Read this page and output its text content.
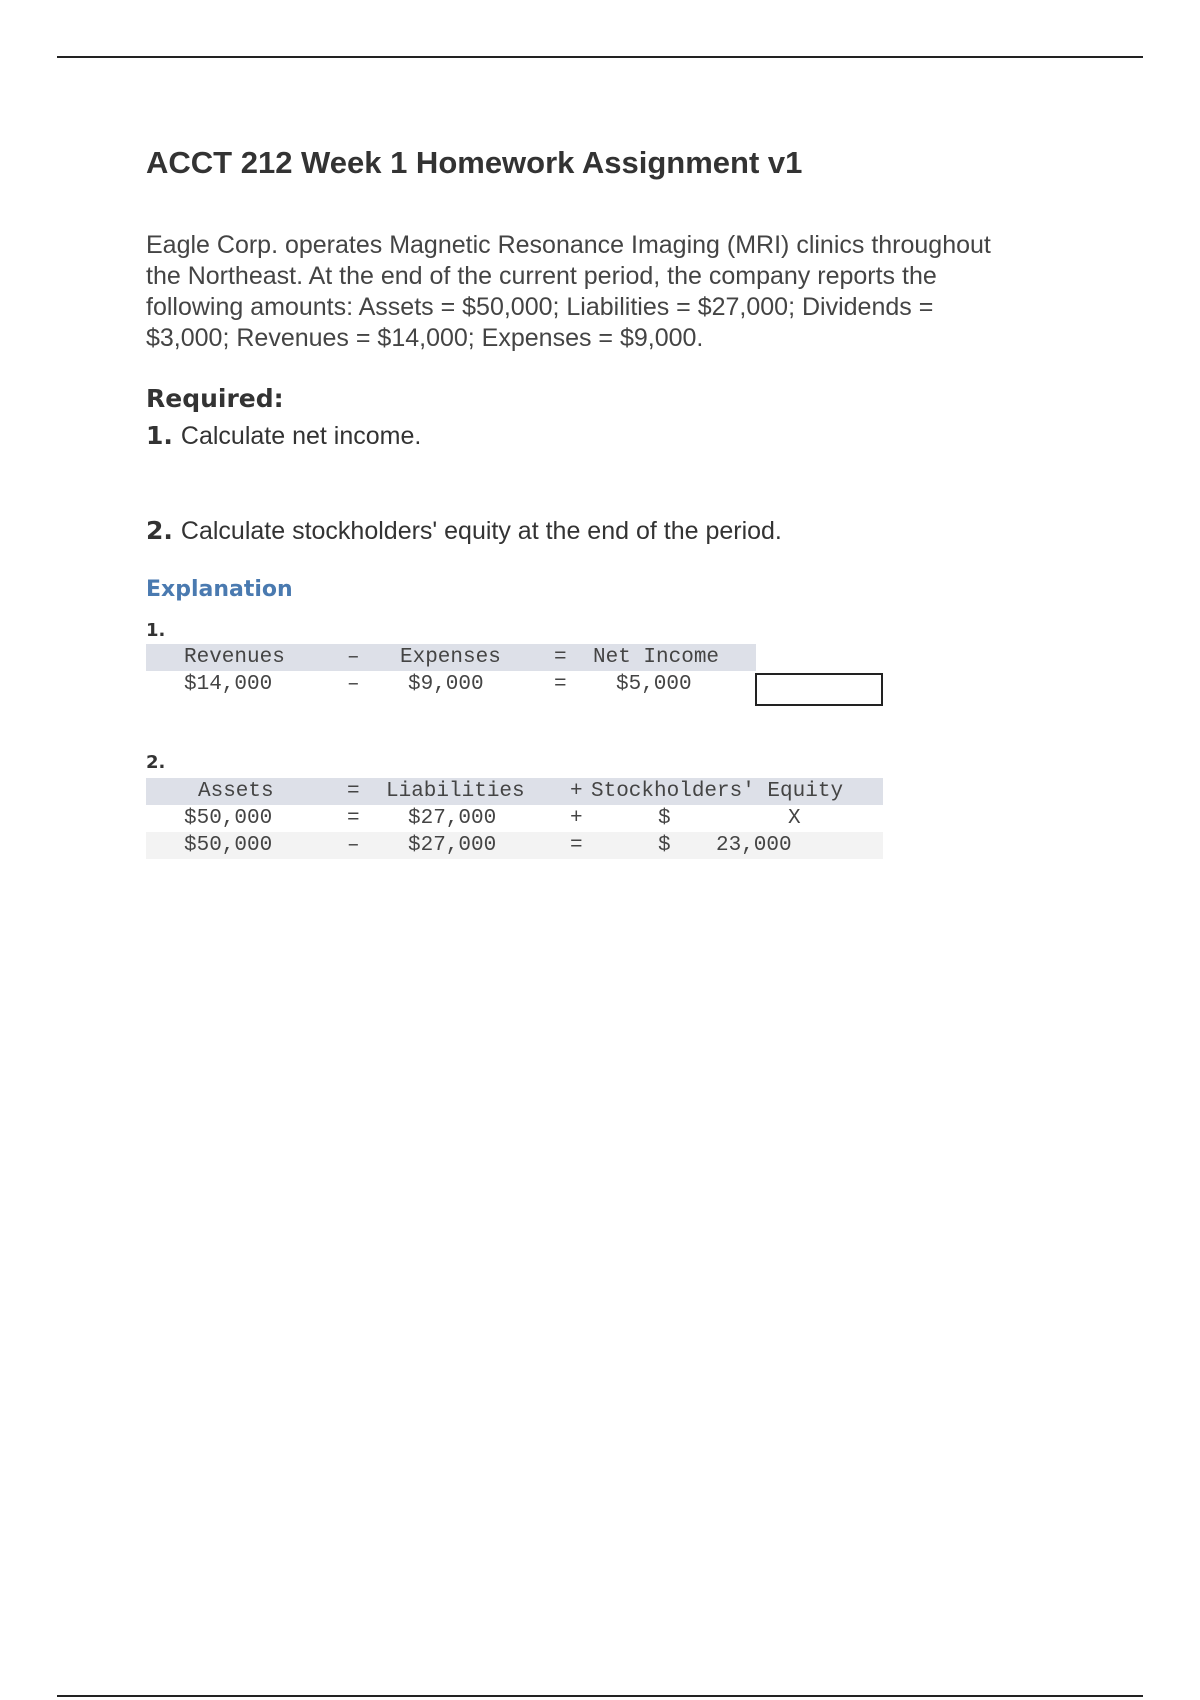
ACCT 212 Week 1 Homework Assignment v1

Eagle Corp. operates Magnetic Resonance Imaging (MRI) clinics throughout
the Northeast. At the end of the current period, the company reports the
following amounts: Assets = $50,000; Liabilities = $27,000; Dividends =
$3,000; Revenues = $14,000; Expenses = $9,000.

Required:

1. Calculate net income.

2. Calculate stockholders' equity at the end of the period.

Explanation

1.

Revenues	– Expenses	= Net Income
$14,000	– $9,000	= $5,000

2.

Assets	= Liabilities + Stockholders' Equity
$50,000	= $27,000	+	$	X
$50,000	– $27,000	=	$ 23,000
